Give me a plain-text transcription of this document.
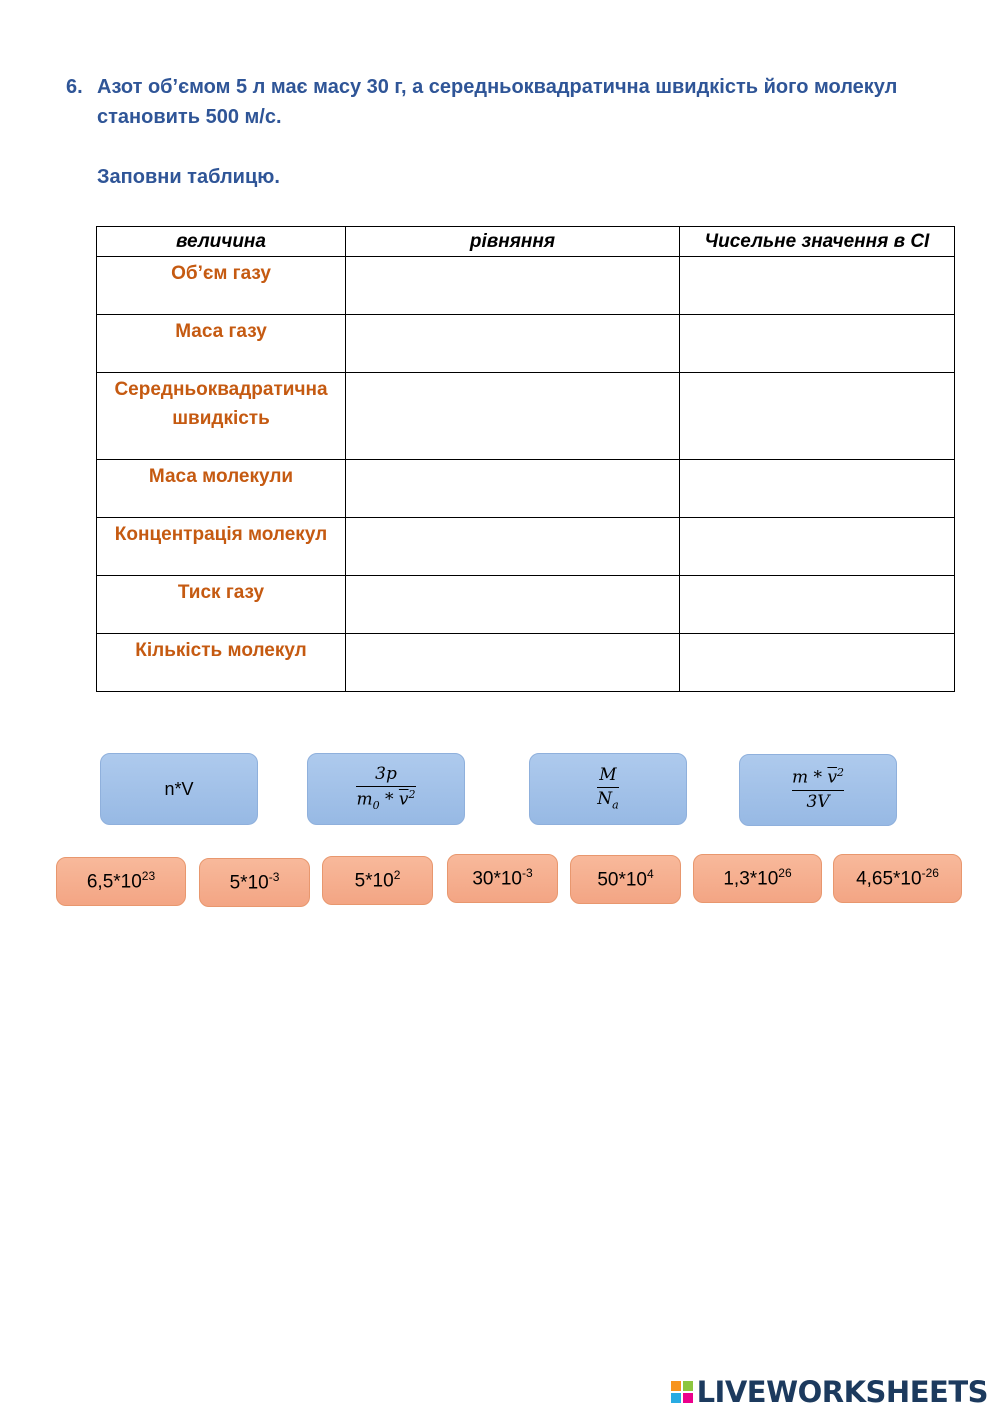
6. Азот об’ємом 5 л має масу 30 г, а середньоквадратична швидкість його молекул становить 500 м/с.
Заповни таблицю.
величина	рівняння	Чисельне значення в СІ
Об’єм газу		
Маса газу		
Середньоквадратична швидкість		
Маса молекули		
Концентрація молекул		
Тиск газу		
Кількість молекул		
n*V	$\frac{3p}{m_0 * \overline{v}^2}$	$\frac{M}{N_a}$	$\frac{m * \overline{v}^2}{3V}$
$6,5*10^{23}$	$5*10^{-3}$	$5*10^2$	$30*10^{-3}$	$50*10^4$	$1,3*10^{26}$	$4,65*10^{-26}$
LIVEWORKSHEETS
